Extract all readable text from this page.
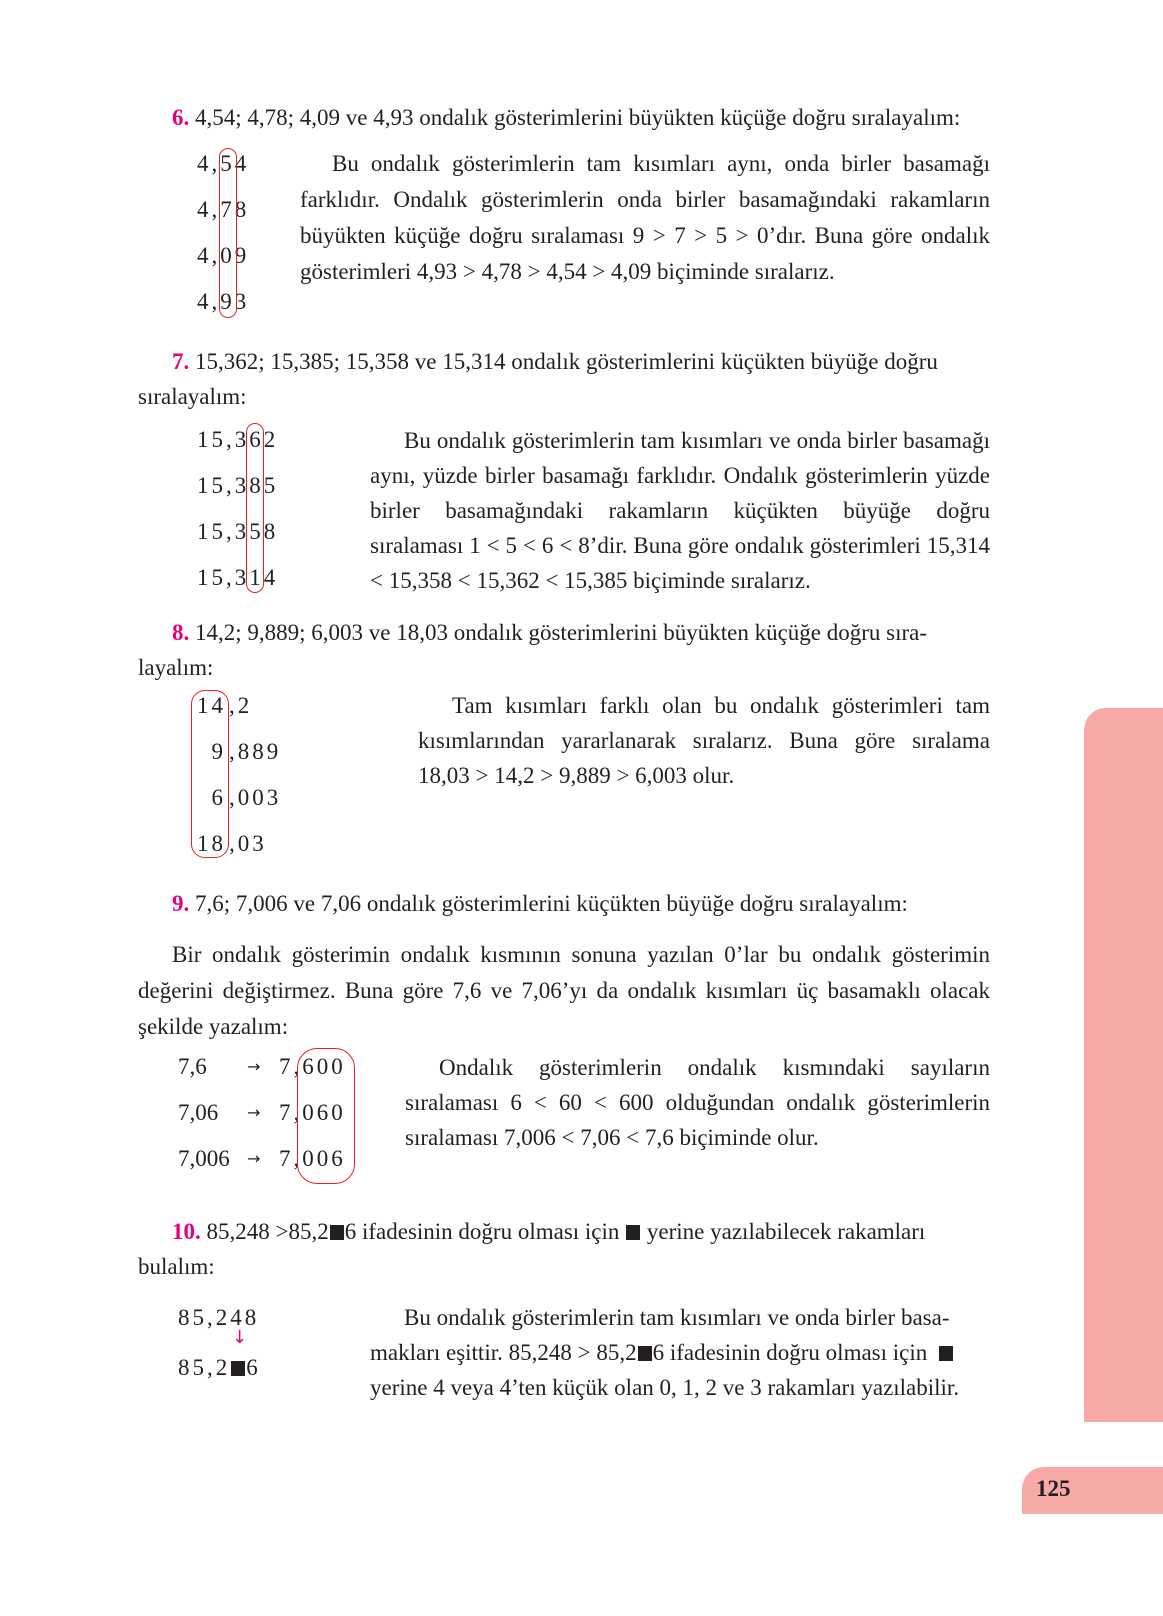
125
6. 4,54; 4,78; 4,09 ve 4,93 ondalık gösterimlerini büyükten küçüğe doğru sıralayalım:
4,54
4,78
4,09
4,93
Bu ondalık gösterimlerin tam kısımları aynı, onda birler basamağı farklıdır. Ondalık gösterimlerin onda birler basamağındaki rakamların büyükten küçüğe doğru sıralaması 9 > 7 > 5 > 0’dır. Buna göre ondalık gösterimleri 4,93 > 4,78 > 4,54 > 4,09 biçiminde sıralarız.
7. 15,362; 15,385; 15,358 ve 15,314 ondalık gösterimlerini küçükten büyüğe doğru
sıralayalım:
15,362
15,385
15,358
15,314
Bu ondalık gösterimlerin tam kısımları ve onda birler basamağı aynı, yüzde birler basamağı farklıdır. Ondalık gösterimlerin yüzde birler basamağındaki rakamların küçükten büyüğe doğru sıralaması 1 < 5 < 6 < 8’dir. Buna göre ondalık gösterimleri 15,314 < 15,358 < 15,362 < 15,385 biçiminde sıralarız.
8. 14,2; 9,889; 6,003 ve 18,03 ondalık gösterimlerini büyükten küçüğe doğru sıra-
layalım:
14 ,2
9 ,889
6 ,003
18 ,03
Tam kısımları farklı olan bu ondalık gösterimleri tam kısımlarından yararlanarak sıralarız. Buna göre sıralama 18,03 > 14,2 > 9,889 > 6,003 olur.
9. 7,6; 7,006 ve 7,06 ondalık gösterimlerini küçükten büyüğe doğru sıralayalım:
Bir ondalık gösterimin ondalık kısmının sonuna yazılan 0’lar bu ondalık gösterimin değerini değiştirmez. Buna göre 7,6 ve 7,06’yı da ondalık kısımları üç basamaklı olacak şekilde yazalım:
7,6	→ 7,600
7,06 → 7,060
7,006 → 7,006
Ondalık gösterimlerin ondalık kısmındaki sayıların sıralaması 6 < 60 < 600 olduğundan ondalık gösterimlerin sıralaması 7,006 < 7,06 < 7,6 biçiminde olur.
10. 85,248 >85,2 6 ifadesinin doğru olması için yerine yazılabilecek rakamları
bulalım:
85,248
↓
85,2 6
Bu ondalık gösterimlerin tam kısımları ve onda birler basa-
makları eşittir. 85,248 > 85,2 6 ifadesinin doğru olması için
yerine 4 veya 4’ten küçük olan 0, 1, 2 ve 3 rakamları yazılabilir.
